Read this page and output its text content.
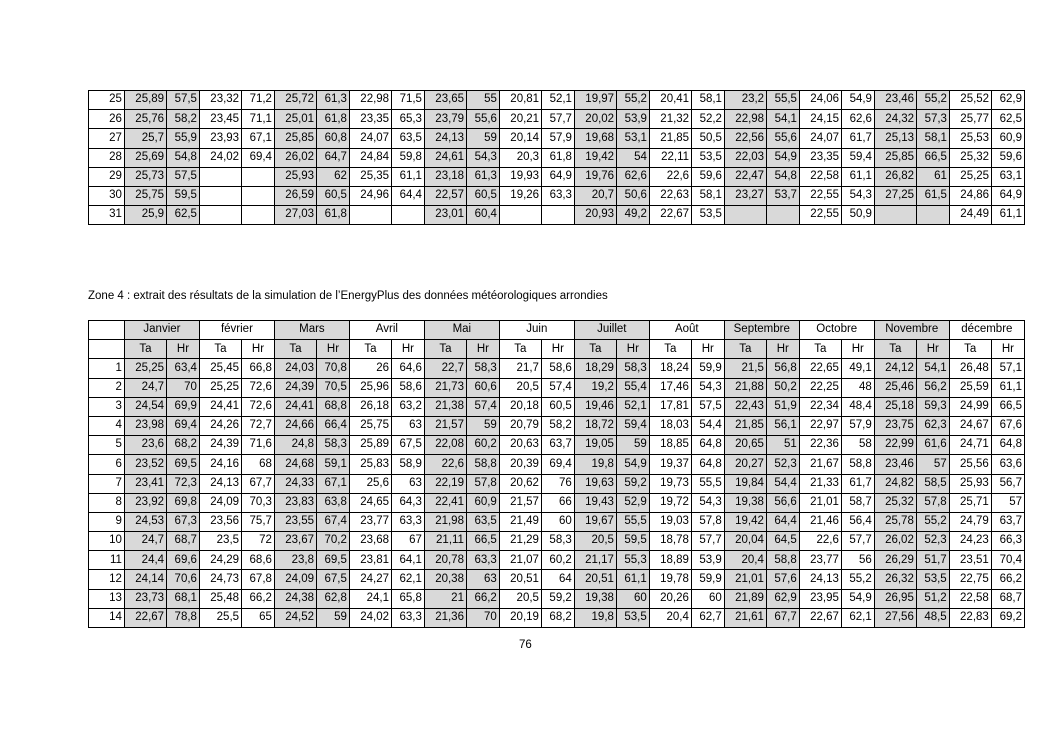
25	25,89	57,5	23,32	71,2	25,72	61,3	22,98	71,5	23,65	55	20,81	52,1	19,97	55,2	20,41	58,1	23,2	55,5	24,06	54,9	23,46	55,2	25,52	62,9
26	25,76	58,2	23,45	71,1	25,01	61,8	23,35	65,3	23,79	55,6	20,21	57,7	20,02	53,9	21,32	52,2	22,98	54,1	24,15	62,6	24,32	57,3	25,77	62,5
27	25,7	55,9	23,93	67,1	25,85	60,8	24,07	63,5	24,13	59	20,14	57,9	19,68	53,1	21,85	50,5	22,56	55,6	24,07	61,7	25,13	58,1	25,53	60,9
28	25,69	54,8	24,02	69,4	26,02	64,7	24,84	59,8	24,61	54,3	20,3	61,8	19,42	54	22,11	53,5	22,03	54,9	23,35	59,4	25,85	66,5	25,32	59,6
29	25,73	57,5			25,93	62	25,35	61,1	23,18	61,3	19,93	64,9	19,76	62,6	22,6	59,6	22,47	54,8	22,58	61,1	26,82	61	25,25	63,1
30	25,75	59,5			26,59	60,5	24,96	64,4	22,57	60,5	19,26	63,3	20,7	50,6	22,63	58,1	23,27	53,7	22,55	54,3	27,25	61,5	24,86	64,9
31	25,9	62,5			27,03	61,8			23,01	60,4			20,93	49,2	22,67	53,5			22,55	50,9			24,49	61,1
Zone 4 : extrait des résultats de la simulation de l’EnergyPlus des données météorologiques arrondies
	Janvier		février		Mars		Avril		Mai		Juin		Juillet		Août		Septembre		Octobre		Novembre		décembre	
	Ta	Hr	Ta	Hr	Ta	Hr	Ta	Hr	Ta	Hr	Ta	Hr	Ta	Hr	Ta	Hr	Ta	Hr	Ta	Hr	Ta	Hr	Ta	Hr
1	25,25	63,4	25,45	66,8	24,03	70,8	26	64,6	22,7	58,3	21,7	58,6	18,29	58,3	18,24	59,9	21,5	56,8	22,65	49,1	24,12	54,1	26,48	57,1
2	24,7	70	25,25	72,6	24,39	70,5	25,96	58,6	21,73	60,6	20,5	57,4	19,2	55,4	17,46	54,3	21,88	50,2	22,25	48	25,46	56,2	25,59	61,1
3	24,54	69,9	24,41	72,6	24,41	68,8	26,18	63,2	21,38	57,4	20,18	60,5	19,46	52,1	17,81	57,5	22,43	51,9	22,34	48,4	25,18	59,3	24,99	66,5
4	23,98	69,4	24,26	72,7	24,66	66,4	25,75	63	21,57	59	20,79	58,2	18,72	59,4	18,03	54,4	21,85	56,1	22,97	57,9	23,75	62,3	24,67	67,6
5	23,6	68,2	24,39	71,6	24,8	58,3	25,89	67,5	22,08	60,2	20,63	63,7	19,05	59	18,85	64,8	20,65	51	22,36	58	22,99	61,6	24,71	64,8
6	23,52	69,5	24,16	68	24,68	59,1	25,83	58,9	22,6	58,8	20,39	69,4	19,8	54,9	19,37	64,8	20,27	52,3	21,67	58,8	23,46	57	25,56	63,6
7	23,41	72,3	24,13	67,7	24,33	67,1	25,6	63	22,19	57,8	20,62	76	19,63	59,2	19,73	55,5	19,84	54,4	21,33	61,7	24,82	58,5	25,93	56,7
8	23,92	69,8	24,09	70,3	23,83	63,8	24,65	64,3	22,41	60,9	21,57	66	19,43	52,9	19,72	54,3	19,38	56,6	21,01	58,7	25,32	57,8	25,71	57
9	24,53	67,3	23,56	75,7	23,55	67,4	23,77	63,3	21,98	63,5	21,49	60	19,67	55,5	19,03	57,8	19,42	64,4	21,46	56,4	25,78	55,2	24,79	63,7
10	24,7	68,7	23,5	72	23,67	70,2	23,68	67	21,11	66,5	21,29	58,3	20,5	59,5	18,78	57,7	20,04	64,5	22,6	57,7	26,02	52,3	24,23	66,3
11	24,4	69,6	24,29	68,6	23,8	69,5	23,81	64,1	20,78	63,3	21,07	60,2	21,17	55,3	18,89	53,9	20,4	58,8	23,77	56	26,29	51,7	23,51	70,4
12	24,14	70,6	24,73	67,8	24,09	67,5	24,27	62,1	20,38	63	20,51	64	20,51	61,1	19,78	59,9	21,01	57,6	24,13	55,2	26,32	53,5	22,75	66,2
13	23,73	68,1	25,48	66,2	24,38	62,8	24,1	65,8	21	66,2	20,5	59,2	19,38	60	20,26	60	21,89	62,9	23,95	54,9	26,95	51,2	22,58	68,7
14	22,67	78,8	25,5	65	24,52	59	24,02	63,3	21,36	70	20,19	68,2	19,8	53,5	20,4	62,7	21,61	67,7	22,67	62,1	27,56	48,5	22,83	69,2
76
